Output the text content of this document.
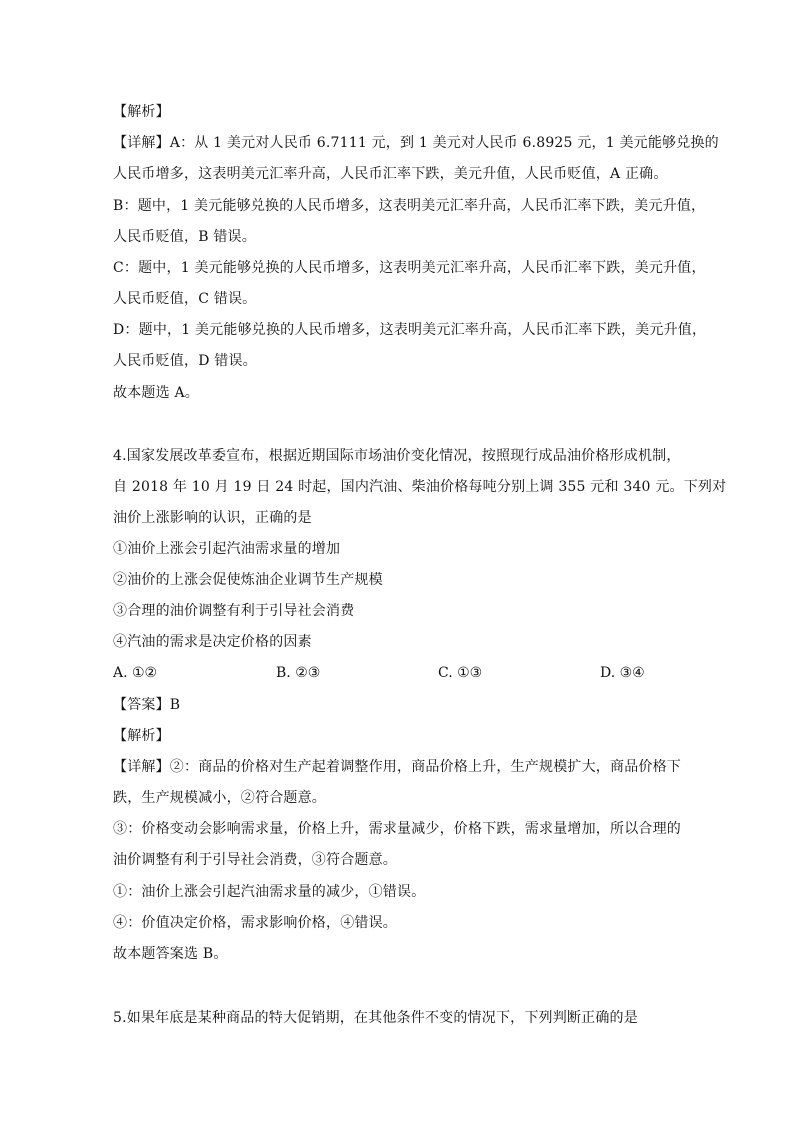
【解析】
【详解】A：从 1 美元对人民币 6.7111 元，到 1 美元对人民币 6.8925 元，1 美元能够兑换的
人民币增多，这表明美元汇率升高，人民币汇率下跌，美元升值，人民币贬值，A 正确。
B：题中，1 美元能够兑换的人民币增多，这表明美元汇率升高，人民币汇率下跌，美元升值，
人民币贬值，B 错误。
C：题中，1 美元能够兑换的人民币增多，这表明美元汇率升高，人民币汇率下跌，美元升值，
人民币贬值，C 错误。
D：题中，1 美元能够兑换的人民币增多，这表明美元汇率升高，人民币汇率下跌，美元升值，
人民币贬值，D 错误。
故本题选 A。
4.国家发展改革委宣布，根据近期国际市场油价变化情况，按照现行成品油价格形成机制，
自 2018 年 10 月 19 日 24 时起，国内汽油、柴油价格每吨分别上调 355 元和 340 元。下列对
油价上涨影响的认识，正确的是
①油价上涨会引起汽油需求量的增加
②油价的上涨会促使炼油企业调节生产规模
③合理的油价调整有利于引导社会消费
④汽油的需求是决定价格的因素
A. ①②	B. ②③	C. ①③	D. ③④
【答案】B
【解析】
【详解】②：商品的价格对生产起着调整作用，商品价格上升，生产规模扩大，商品价格下
跌，生产规模减小，②符合题意。
③：价格变动会影响需求量，价格上升，需求量减少，价格下跌，需求量增加，所以合理的
油价调整有利于引导社会消费，③符合题意。
①：油价上涨会引起汽油需求量的减少，①错误。
④：价值决定价格，需求影响价格，④错误。
故本题答案选 B。
5.如果年底是某种商品的特大促销期，在其他条件不变的情况下，下列判断正确的是
